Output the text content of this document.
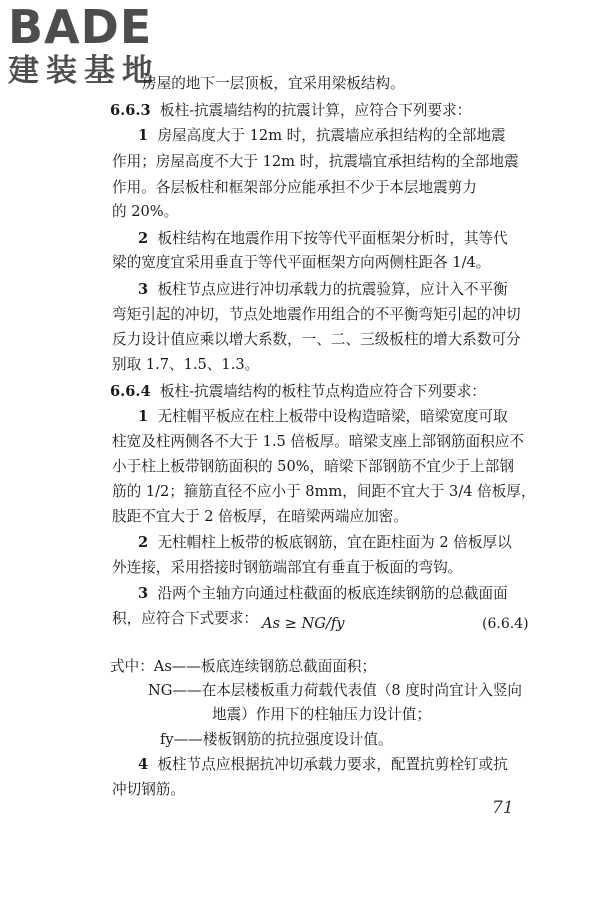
BADE
建装基地
房屋的地下一层顶板，宜采用梁板结构。
6.6.3 板柱-抗震墙结构的抗震计算，应符合下列要求：
1 房屋高度大于 12m 时，抗震墙应承担结构的全部地震
作用；房屋高度不大于 12m 时，抗震墙宜承担结构的全部地震
作用。各层板柱和框架部分应能承担不少于本层地震剪力
的 20%。
2 板柱结构在地震作用下按等代平面框架分析时，其等代
梁的宽度宜采用垂直于等代平面框架方向两侧柱距各 1/4。
3 板柱节点应进行冲切承载力的抗震验算，应计入不平衡
弯矩引起的冲切，节点处地震作用组合的不平衡弯矩引起的冲切
反力设计值应乘以增大系数，一、二、三级板柱的增大系数可分
别取 1.7、1.5、1.3。
6.6.4 板柱-抗震墙结构的板柱节点构造应符合下列要求：
1 无柱帽平板应在柱上板带中设构造暗梁，暗梁宽度可取
柱宽及柱两侧各不大于 1.5 倍板厚。暗梁支座上部钢筋面积应不
小于柱上板带钢筋面积的 50%，暗梁下部钢筋不宜少于上部钢
筋的 1/2；箍筋直径不应小于 8mm，间距不宜大于 3/4 倍板厚，
肢距不宜大于 2 倍板厚，在暗梁两端应加密。
2 无柱帽柱上板带的板底钢筋，宜在距柱面为 2 倍板厚以
外连接，采用搭接时钢筋端部宜有垂直于板面的弯钩。
3 沿两个主轴方向通过柱截面的板底连续钢筋的总截面面
积，应符合下式要求： As ≥ NG/fy	(6.6.4)
式中：As——板底连续钢筋总截面面积；
NG——在本层楼板重力荷载代表值（8 度时尚宜计入竖向
地震）作用下的柱轴压力设计值；
fy——楼板钢筋的抗拉强度设计值。
4 板柱节点应根据抗冲切承载力要求，配置抗剪栓钉或抗
冲切钢筋。
71
